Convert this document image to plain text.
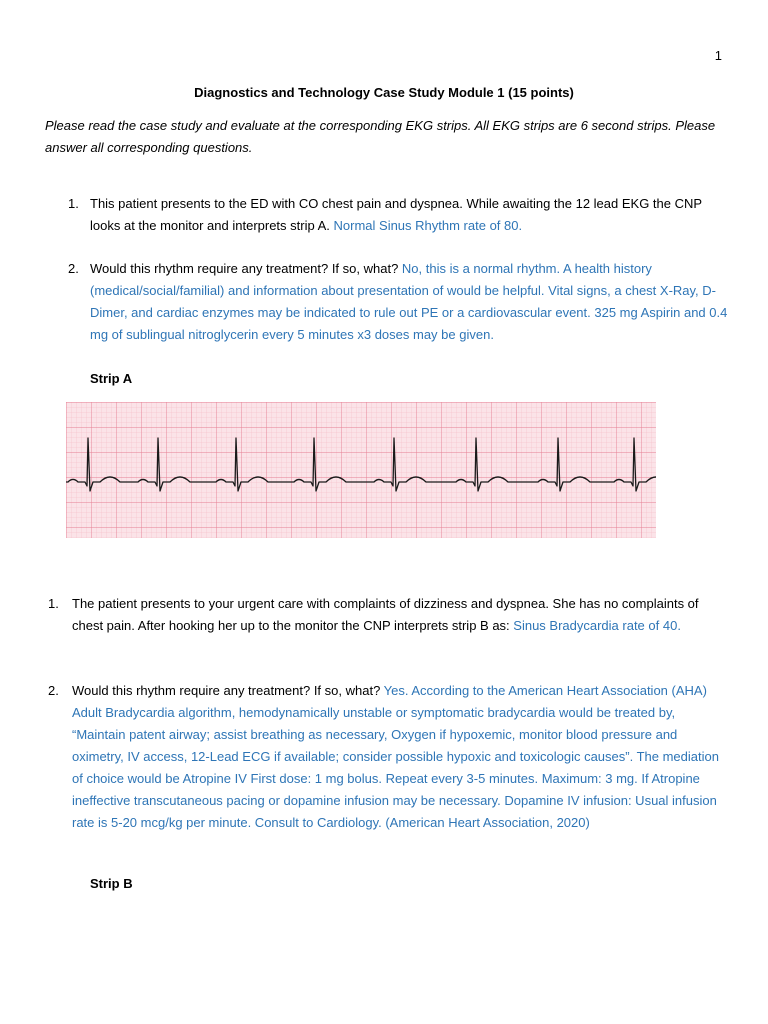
1
Diagnostics and Technology Case Study Module 1 (15 points)
Please read the case study and evaluate at the corresponding EKG strips. All EKG strips are 6 second strips. Please answer all corresponding questions.
1. This patient presents to the ED with CO chest pain and dyspnea. While awaiting the 12 lead EKG the CNP looks at the monitor and interprets strip A. Normal Sinus Rhythm rate of 80.
2. Would this rhythm require any treatment? If so, what? No, this is a normal rhythm. A health history (medical/social/familial) and information about presentation of would be helpful. Vital signs, a chest X-Ray, D-Dimer, and cardiac enzymes may be indicated to rule out PE or a cardiovascular event. 325 mg Aspirin and 0.4 mg of sublingual nitroglycerin every 5 minutes x3 doses may be given.
Strip A
1.	The patient presents to your urgent care with complaints of dizziness and dyspnea. She has no complaints of chest pain. After hooking her up to the monitor the CNP interprets strip B as: Sinus Bradycardia rate of 40.
2.	Would this rhythm require any treatment? If so, what? Yes. According to the American Heart Association (AHA) Adult Bradycardia algorithm, hemodynamically unstable or symptomatic bradycardia would be treated by, “Maintain patent airway; assist breathing as necessary, Oxygen if hypoxemic, monitor blood pressure and oximetry, IV access, 12-Lead ECG if available; consider possible hypoxic and toxicologic causes”. The mediation of choice would be Atropine IV First dose: 1 mg bolus. Repeat every 3-5 minutes. Maximum: 3 mg. If Atropine ineffective transcutaneous pacing or dopamine infusion may be necessary. Dopamine IV infusion: Usual infusion rate is 5-20 mcg/kg per minute. Consult to Cardiology. (American Heart Association, 2020)
Strip B
